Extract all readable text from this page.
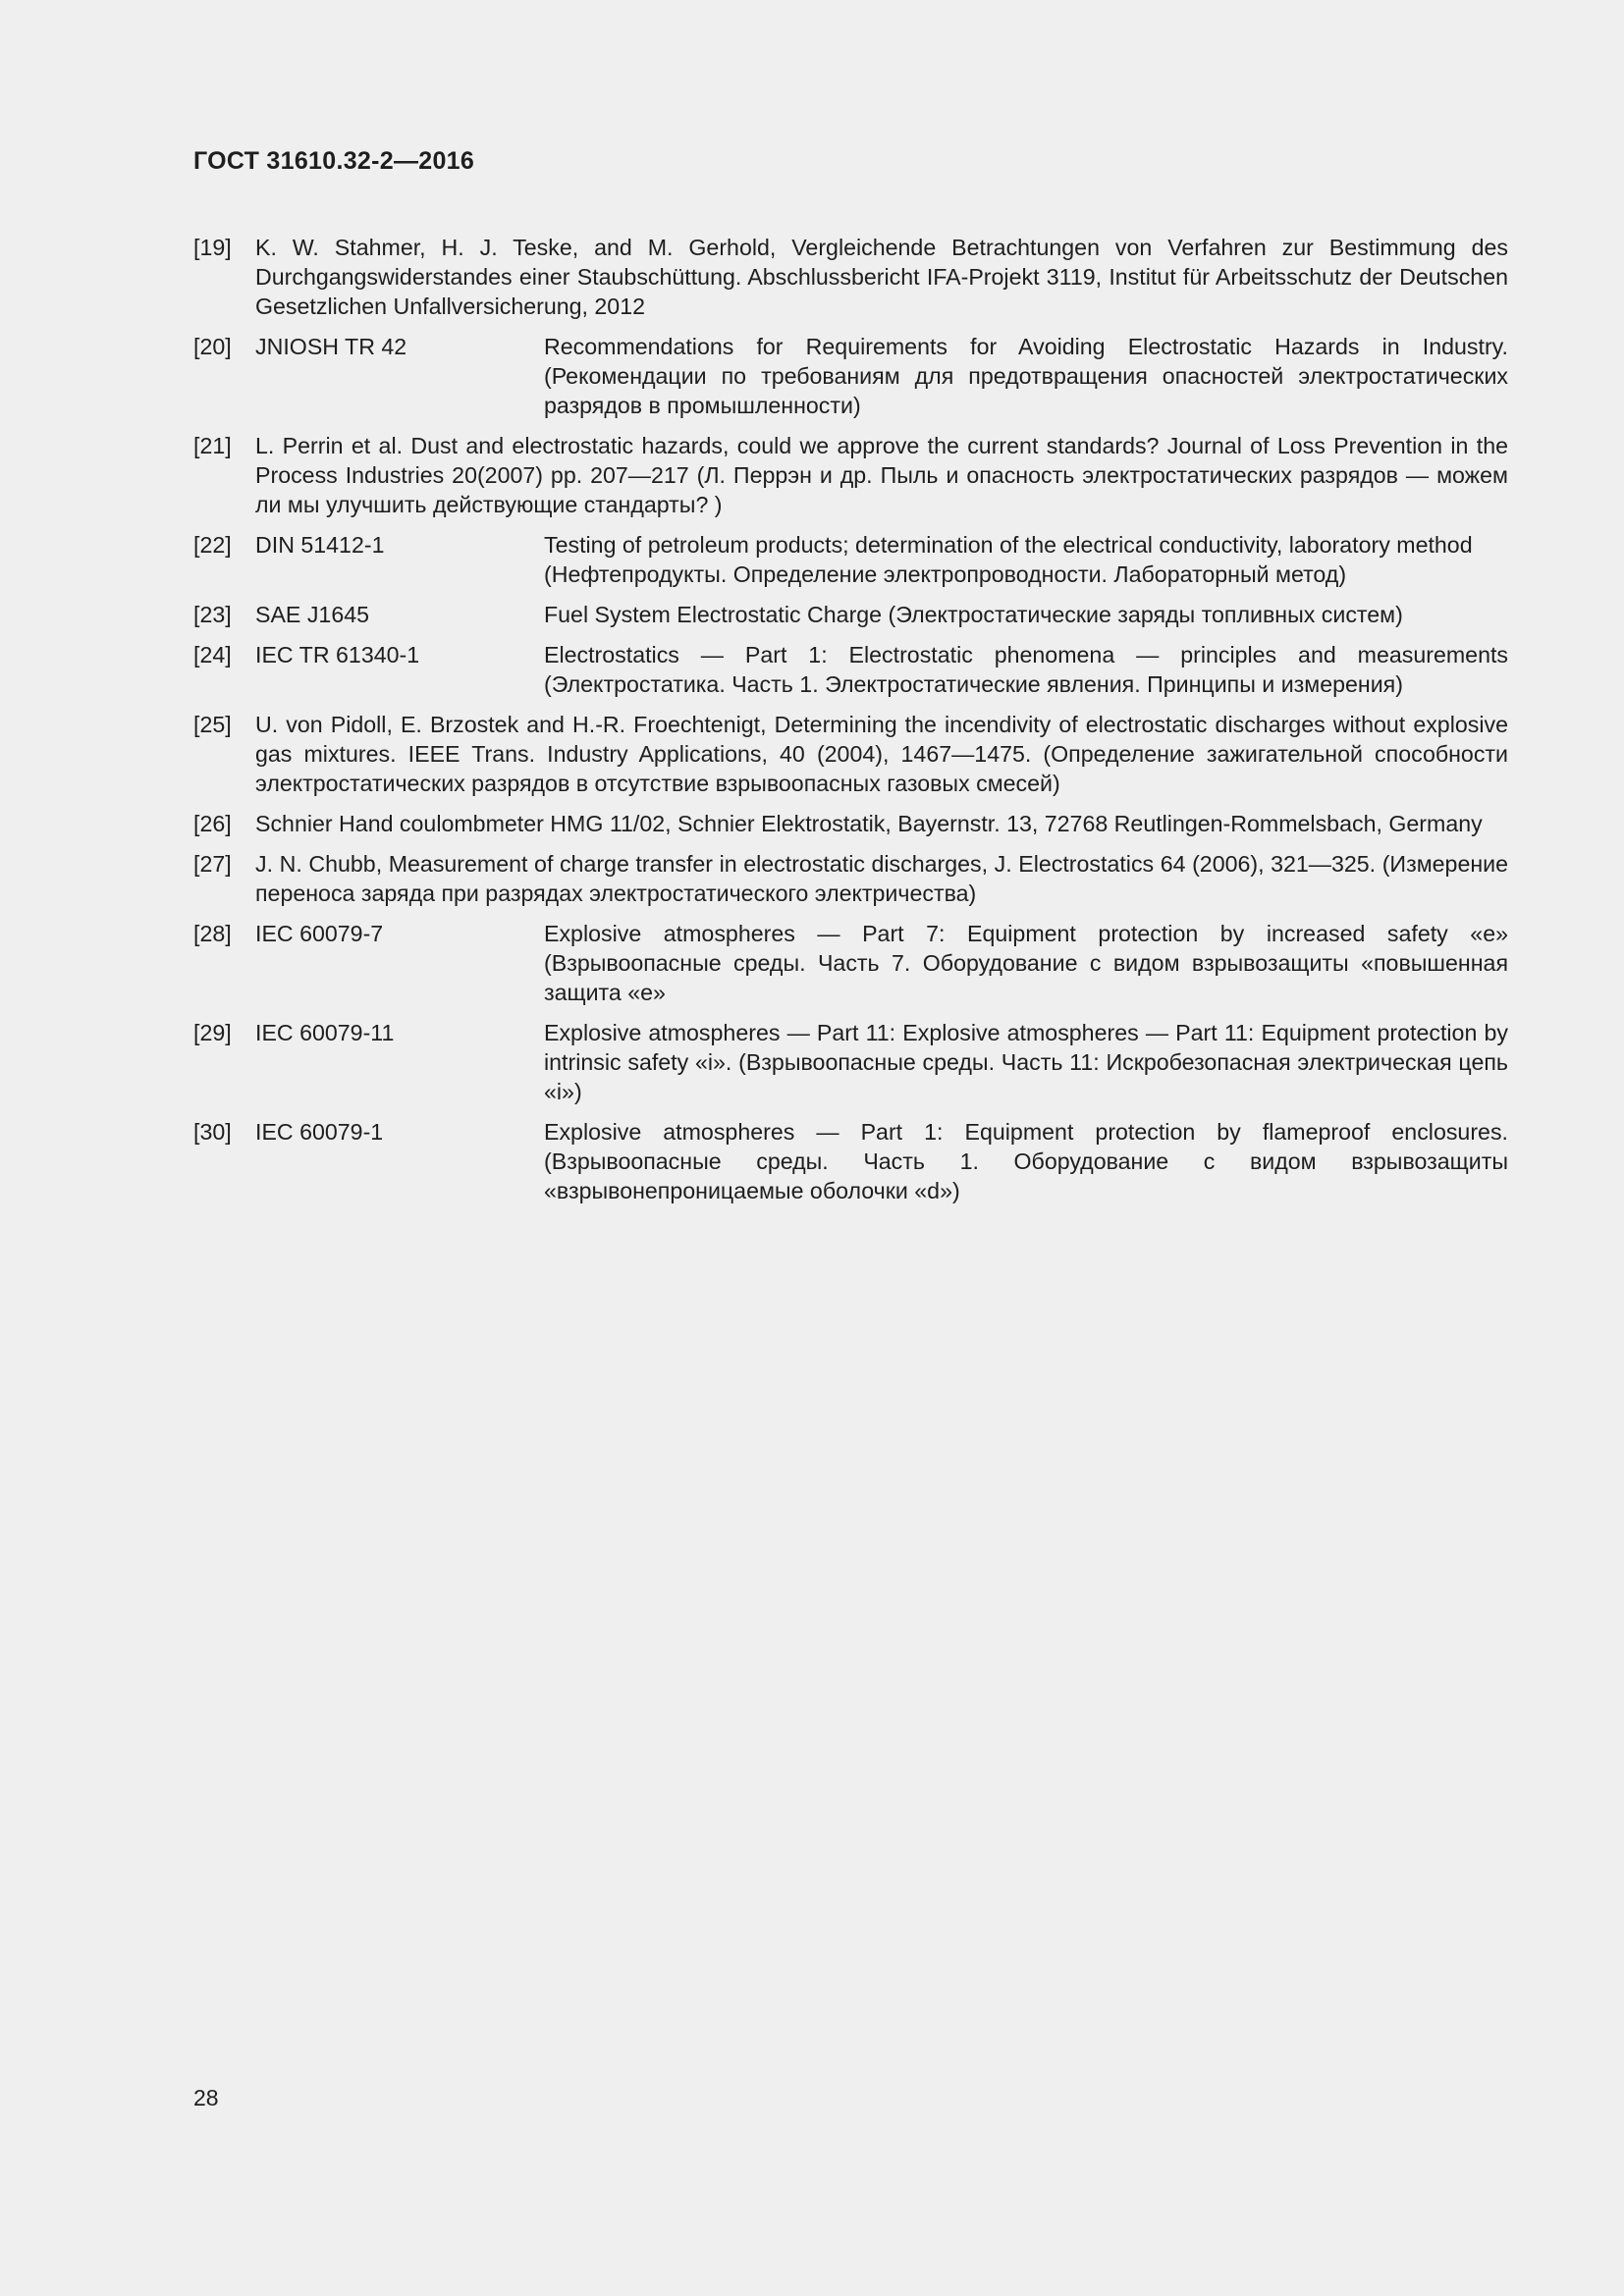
ГОСТ 31610.32-2—2016
[19] K. W. Stahmer, H. J. Teske, and M. Gerhold, Vergleichende Betrachtungen von Verfahren zur Bestimmung des Durchgangswiderstandes einer Staubschüttung. Abschlussbericht IFA-Projekt 3119, Institut für Arbeitsschutz der Deutschen Gesetzlichen Unfallversicherung, 2012
[20] JNIOSH TR 42	Recommendations for Requirements for Avoiding Electrostatic Hazards in Industry. (Рекомендации по требованиям для предотвращения опасностей электростатических разрядов в промышленности)
[21] L. Perrin et al. Dust and electrostatic hazards, could we approve the current standards? Journal of Loss Prevention in the Process Industries 20(2007) pp. 207—217 (Л. Перрэн и др. Пыль и опасность электростатических разрядов — можем ли мы улучшить действующие стандарты? )
[22] DIN 51412-1	Testing of petroleum products; determination of the electrical conductivity, laboratory method
(Нефтепродукты. Определение электропроводности. Лабораторный метод)
[23] SAE J1645	Fuel System Electrostatic Charge (Электростатические заряды топливных систем)
[24] IEC TR 61340-1	Electrostatics — Part 1: Electrostatic phenomena — principles and measurements (Электростатика. Часть 1. Электростатические явления. Принципы и измерения)
[25] U. von Pidoll, E. Brzostek and H.-R. Froechtenigt, Determining the incendivity of electrostatic discharges without explosive gas mixtures. IEEE Trans. Industry Applications, 40 (2004), 1467—1475. (Определение зажигательной способности электростатических разрядов в отсутствие взрывоопасных газовых смесей)
[26] Schnier Hand coulombmeter HMG 11/02, Schnier Elektrostatik, Bayernstr. 13, 72768 Reutlingen-Rommelsbach, Germany
[27] J. N. Chubb, Measurement of charge transfer in electrostatic discharges, J. Electrostatics 64 (2006), 321—325. (Измерение переноса заряда при разрядах электростатического электричества)
[28] IEC 60079-7	Explosive atmospheres — Part 7: Equipment protection by increased safety «e» (Взрывоопасные среды. Часть 7. Оборудование с видом взрывозащиты «повышенная защита «e»
[29] IEC 60079-11	Explosive atmospheres — Part 11: Explosive atmospheres — Part 11: Equipment protection by intrinsic safety «i». (Взрывоопасные среды. Часть 11: Искробезопасная электрическая цепь «i»)
[30] IEC 60079-1	Explosive atmospheres — Part 1: Equipment protection by flameproof enclosures. (Взрывоопасные среды. Часть 1. Оборудование с видом взрывозащиты «взрывонепроницаемые оболочки «d»)
28
